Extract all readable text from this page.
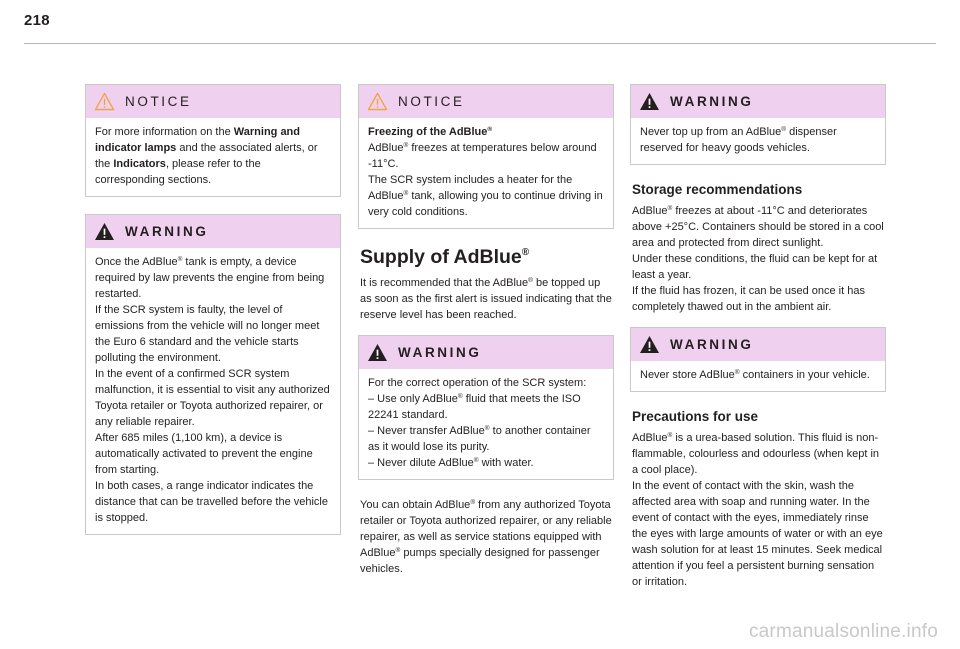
218
NOTICE

For more information on the Warning and indicator lamps and the associated alerts, or the Indicators, please refer to the corresponding sections.

WARNING

Once the AdBlue® tank is empty, a device required by law prevents the engine from being restarted.

If the SCR system is faulty, the level of emissions from the vehicle will no longer meet the Euro 6 standard and the vehicle starts polluting the environment.

In the event of a confirmed SCR system malfunction, it is essential to visit any authorized Toyota retailer or Toyota authorized repairer, or any reliable repairer.

After 685 miles (1,100 km), a device is automatically activated to prevent the engine from starting.

In both cases, a range indicator indicates the distance that can be travelled before the vehicle is stopped.

NOTICE

Freezing of the AdBlue®

AdBlue® freezes at temperatures below around -11°C.

The SCR system includes a heater for the

AdBlue® tank, allowing you to continue driving in very cold conditions.

Supply of AdBlue®

It is recommended that the AdBlue® be topped up as soon as the first alert is issued indicating that the reserve level has been reached.

WARNING

For the correct operation of the SCR system:

– Use only AdBlue® fluid that meets the ISO 22241 standard.

– Never transfer AdBlue® to another container as it would lose its purity.

– Never dilute AdBlue® with water.

You can obtain AdBlue® from any authorized Toyota retailer or Toyota authorized repairer, or any reliable repairer, as well as service stations equipped with AdBlue® pumps specially designed for passenger vehicles.

WARNING

Never top up from an AdBlue® dispenser reserved for heavy goods vehicles.

Storage recommendations

AdBlue® freezes at about -11°C and deteriorates above +25°C. Containers should be stored in a cool area and protected from direct sunlight.

Under these conditions, the fluid can be kept for at least a year.

If the fluid has frozen, it can be used once it has completely thawed out in the ambient air.

WARNING

Never store AdBlue® containers in your vehicle.

Precautions for use

AdBlue® is a urea-based solution. This fluid is non-flammable, colourless and odourless (when kept in a cool place).

In the event of contact with the skin, wash the affected area with soap and running water. In the event of contact with the eyes, immediately rinse the eyes with large amounts of water or with an eye wash solution for at least 15 minutes. Seek medical attention if you feel a persistent burning sensation or irritation.

carmanualsonline.info
